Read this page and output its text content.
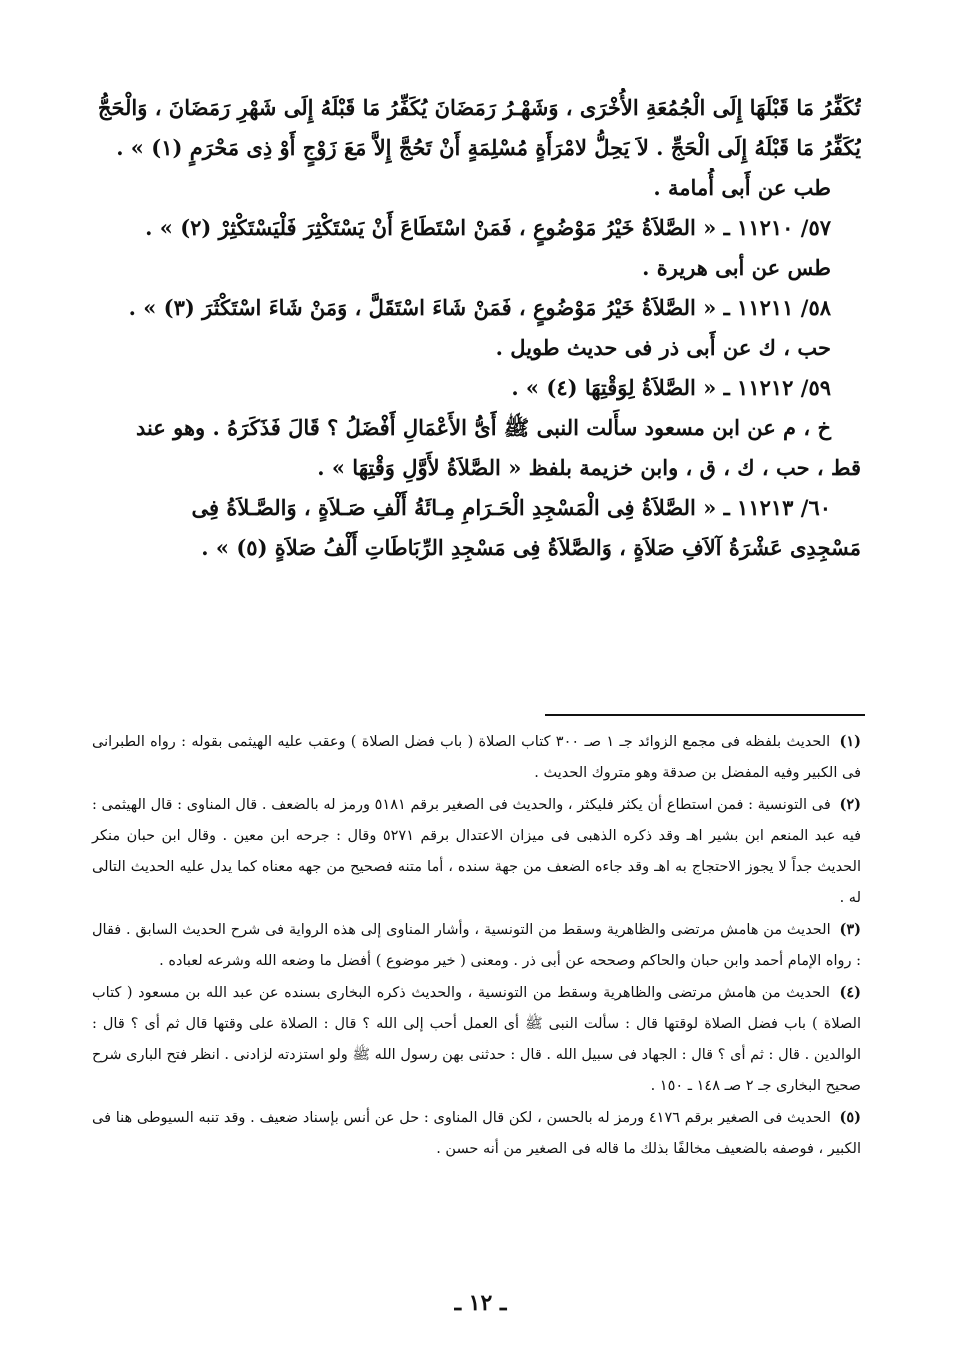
تُكَفِّرُ مَا قَبْلَهَا إِلَى الْجُمُعَةِ الأُخْرَى ، وَشَهْـرُ رَمَضَانَ يُكَفِّرُ مَا قَبْلَهُ إِلَى شَهْرِ رَمَضَانَ ، وَالْحَجُّ

يُكَفِّرُ مَا قَبْلَهُ إِلَى الْحَجِّ . لاَ يَحِلُّ لامْرَأَةٍ مُسْلِمَةٍ أَنْ تَحُجَّ إِلاَّ مَعَ زَوْجٍ أَوْ ذِى مَحْرَمٍ (١) » .

طب عن أَبى أُمامة .

٥٧/ ١١٢١٠ ـ « الصَّلاَةُ خَيْرُ مَوْضُوعٍ ، فَمَنْ اسْتَطَاعَ أَنْ يَسْتَكْثِرَ فَلْيَسْتَكْثِرْ (٢) » .

طس عن أبى هريرة .

٥٨/ ١١٢١١ ـ « الصَّلاَةُ خَيْرُ مَوْضُوعٍ ، فَمَنْ شَاءَ اسْتَقَلَّ ، وَمَنْ شَاءَ اسْتَكْثَرَ (٣) » .

حب ، ك عن أَبى ذر فى حديث طويل .

٥٩/ ١١٢١٢ ـ « الصَّلاَةُ لِوَقْتِهَا (٤) » .

خ ، م عن ابن مسعود سأَلت النبى ﷺ أَىُّ الأَعْمَالِ أَفْضَلُ ؟ قَالَ فَذَكَرَهُ . وهو عند

قط ، حب ، ك ، ق ، وابن خزيمة بلفظ « الصَّلاَةُ لأَوَّلِ وَقْتِهَا » .

٦٠/ ١١٢١٣ ـ « الصَّلاَةُ فِى الْمَسْجِدِ الْحَـرَامِ مِـائَةُ أَلْفِ صَـلاَةٍ ، وَالصَّـلاَةُ فِى

مَسْجِدِى عَشْرَةُ آلاَفِ صَلاَةٍ ، وَالصَّلاَةُ فِى مَسْجِدِ الرِّبَاطَاتِ أَلْفُ صَلاَةٍ (٥) » .

(١) الحديث بلفظه فى مجمع الزوائد جـ ١ صـ ٣٠٠ كتاب الصلاة ( باب فضل الصلاة ) وعقب عليه الهيثمى بقوله : رواه الطبرانى فى الكبير وفيه المفضل بن صدقة وهو متروك الحديث .

(٢) فى التونسية : فمن استطاع أن يكثر فليكثر ، والحديث فى الصغير برقم ٥١٨١ ورمز له بالضعف . قال المناوى : قال الهيثمى : فيه عبد المنعم ابن بشير اهـ وقد ذكره الذهبى فى ميزان الاعتدال برقم ٥٢٧١ وقال : جرحه ابن معين . وقال ابن حبان منكر الحديث جداً لا يجوز الاحتجاج به اهـ وقد جاءه الضعف من جهة سنده ، أما متنه فصحيح من جهه معناه كما يدل عليه الحديث التالى له .

(٣) الحديث من هامش مرتضى والظاهرية وسقط من التونسية ، وأشار المناوى إلى هذه الرواية فى شرح الحديث السابق . فقال : رواه الإمام أحمد وابن حبان والحاكم وصححه عن أبى ذر . ومعنى ( خير موضوع ) أفضل ما وضعه الله وشرعه لعباده .

(٤) الحديث من هامش مرتضى والظاهرية وسقط من التونسية ، والحديث ذكره البخارى بسنده عن عبد الله بن مسعود ( كتاب الصلاة ) باب فضل الصلاة لوقتها قال : سألت النبى ﷺ أى العمل أحب إلى الله ؟ قال : الصلاة على وقتها قال ثم أى ؟ قال : الوالدين . قال : ثم أى ؟ قال : الجهاد فى سبيل الله . قال : حدثنى بهن رسول الله ﷺ ولو استزدته لزادنى . انظر فتح البارى شرح صحيح البخارى جـ ٢ صـ ١٤٨ ـ ١٥٠ .

(٥) الحديث فى الصغير برقم ٤١٧٦ ورمز له بالحسن ، لكن قال المناوى : حل عن أنس بإسناد ضعيف . وقد تنبه السيوطى هنا فى الكبير ، فوصفه بالضعيف مخالفًا بذلك ما قاله فى الصغير من أنه حسن .

ـ ١٢ ـ
